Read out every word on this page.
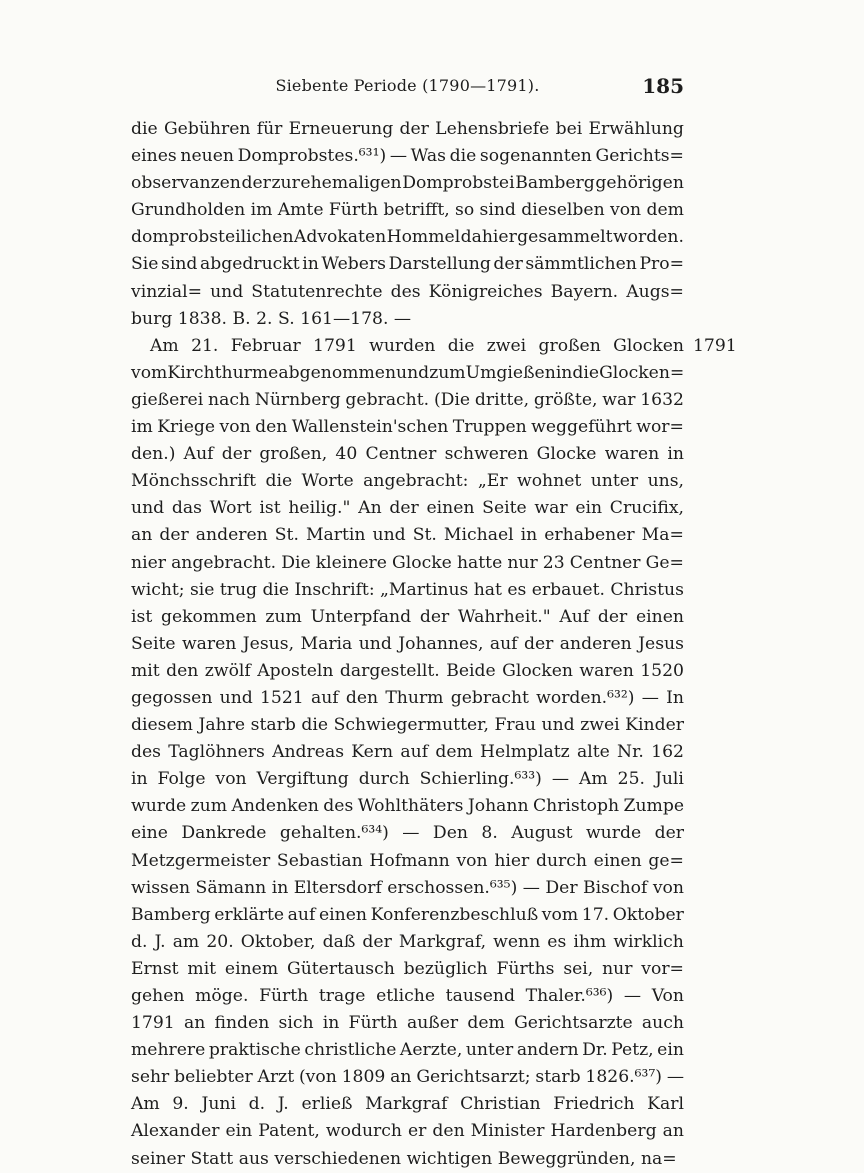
Siebente Periode (1790—1791).	185
die Gebühren für Erneuerung der Lehensbriefe bei Erwählung
eines neuen Domprobstes.⁶³¹) — Was die sogenannten Gerichts=
observanzen der zur ehemaligen Domprobstei Bamberg gehörigen
Grundholden im Amte Fürth betrifft, so sind dieselben von dem
domprobsteilichen Advokaten Hommel dahier gesammelt worden.
Sie sind abgedruckt in Webers Darstellung der sämmtlichen Pro=
vinzial= und Statutenrechte des Königreiches Bayern. Augs=
burg 1838. B. 2. S. 161—178. —
Am 21. Februar 1791 wurden die zwei großen Glocken 1791
vom Kirchthurme abgenommen und zum Umgießen in die Glocken=
gießerei nach Nürnberg gebracht. (Die dritte, größte, war 1632
im Kriege von den Wallenstein'schen Truppen weggeführt wor=
den.) Auf der großen, 40 Centner schweren Glocke waren in
Mönchsschrift die Worte angebracht: „Er wohnet unter uns,
und das Wort ist heilig." An der einen Seite war ein Crucifix,
an der anderen St. Martin und St. Michael in erhabener Ma=
nier angebracht. Die kleinere Glocke hatte nur 23 Centner Ge=
wicht; sie trug die Inschrift: „Martinus hat es erbauet. Christus
ist gekommen zum Unterpfand der Wahrheit." Auf der einen
Seite waren Jesus, Maria und Johannes, auf der anderen Jesus
mit den zwölf Aposteln dargestellt. Beide Glocken waren 1520
gegossen und 1521 auf den Thurm gebracht worden.⁶³²) — In
diesem Jahre starb die Schwiegermutter, Frau und zwei Kinder
des Taglöhners Andreas Kern auf dem Helmplatz alte Nr. 162
in Folge von Vergiftung durch Schierling.⁶³³) — Am 25. Juli
wurde zum Andenken des Wohlthäters Johann Christoph Zumpe
eine Dankrede gehalten.⁶³⁴) — Den 8. August wurde der
Metzgermeister Sebastian Hofmann von hier durch einen ge=
wissen Sämann in Eltersdorf erschossen.⁶³⁵) — Der Bischof von
Bamberg erklärte auf einen Konferenzbeschluß vom 17. Oktober
d. J. am 20. Oktober, daß der Markgraf, wenn es ihm wirklich
Ernst mit einem Gütertausch bezüglich Fürths sei, nur vor=
gehen möge. Fürth trage etliche tausend Thaler.⁶³⁶) — Von
1791 an finden sich in Fürth außer dem Gerichtsarzte auch
mehrere praktische christliche Aerzte, unter andern Dr. Petz, ein
sehr beliebter Arzt (von 1809 an Gerichtsarzt; starb 1826.⁶³⁷) —
Am 9. Juni d. J. erließ Markgraf Christian Friedrich Karl
Alexander ein Patent, wodurch er den Minister Hardenberg an
seiner Statt aus verschiedenen wichtigen Beweggründen, na=
